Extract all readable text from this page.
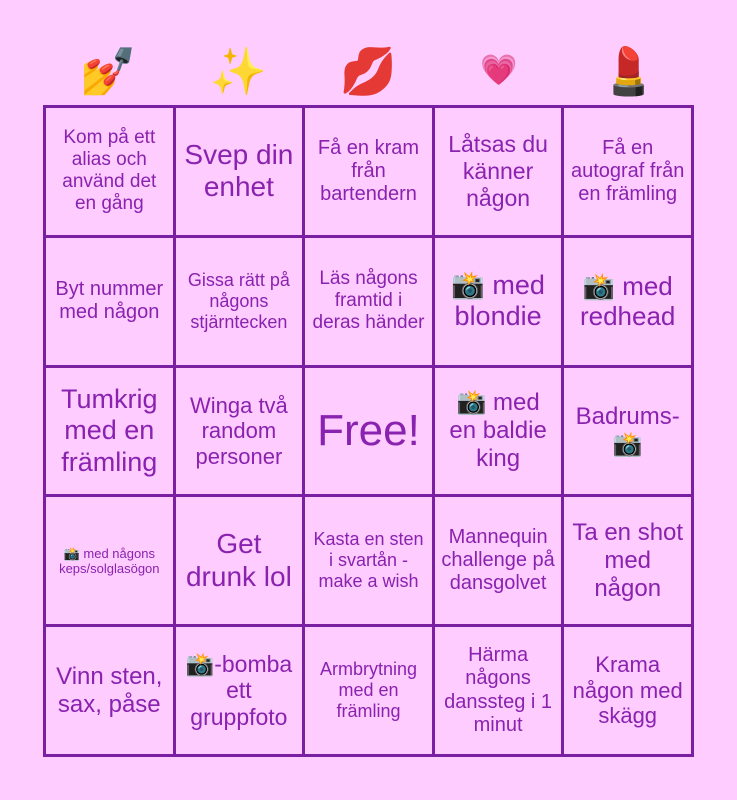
💅	✨	💋	💗	💄
Kom på ett alias och använd det en gång
Svep din enhet
Få en kram från bartendern
Låtsas du känner någon
Få en autograf från en främling
Byt nummer med någon
Gissa rätt på någons stjärntecken
Läs någons framtid i deras händer
📸 med blondie
📸 med redhead
Tumkrig med en främling
Winga två random personer
Free!
📸 med en baldie king
Badrums-📸
📸 med någons keps/solglasögon
Get drunk lol
Kasta en sten i svartån - make a wish
Mannequin challenge på dansgolvet
Ta en shot med någon
Vinn sten, sax, påse
📸-bomba ett gruppfoto
Armbrytning med en främling
Härma någons danssteg i 1 minut
Krama någon med skägg
